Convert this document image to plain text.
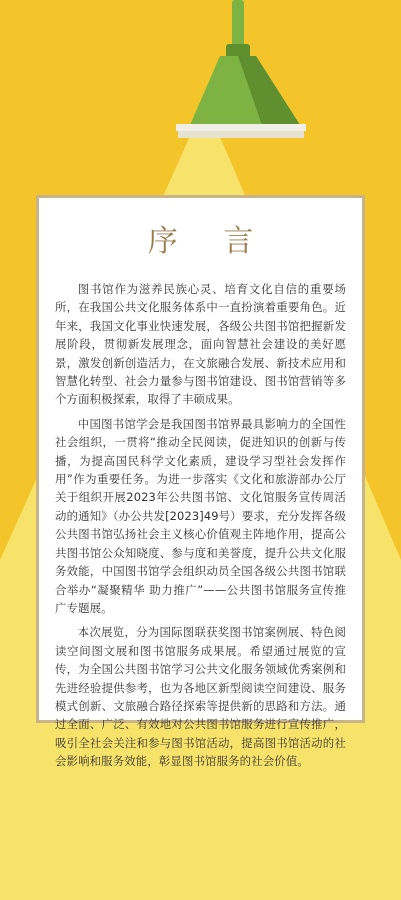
序 言

图书馆作为滋养民族心灵、培育文化自信的重要场所，在我国公共文化服务体系中一直扮演着重要角色。近年来，我国文化事业快速发展，各级公共图书馆把握新发展阶段，贯彻新发展理念，面向智慧社会建设的美好愿景，激发创新创造活力，在文旅融合发展、新技术应用和智慧化转型、社会力量参与图书馆建设、图书馆营销等多个方面积极探索，取得了丰硕成果。

中国图书馆学会是我国图书馆界最具影响力的全国性社会组织，一贯将“推动全民阅读，促进知识的创新与传播，为提高国民科学文化素质，建设学习型社会发挥作用”作为重要任务。为进一步落实《文化和旅游部办公厅关于组织开展2023年公共图书馆、文化馆服务宣传周活动的通知》（办公共发[2023]49号）要求，充分发挥各级公共图书馆弘扬社会主义核心价值观主阵地作用，提高公共图书馆公众知晓度、参与度和美誉度，提升公共文化服务效能，中国图书馆学会组织动员全国各级公共图书馆联合举办“凝聚精华 助力推广”——公共图书馆服务宣传推广专题展。

本次展览，分为国际图联获奖图书馆案例展、特色阅读空间图文展和图书馆服务成果展。希望通过展览的宣传，为全国公共图书馆学习公共文化服务领域优秀案例和先进经验提供参考，也为各地区新型阅读空间建设、服务模式创新、文旅融合路径探索等提供新的思路和方法。通过全面、广泛、有效地对公共图书馆服务进行宣传推广，吸引全社会关注和参与图书馆活动，提高图书馆活动的社会影响和服务效能，彰显图书馆服务的社会价值。
